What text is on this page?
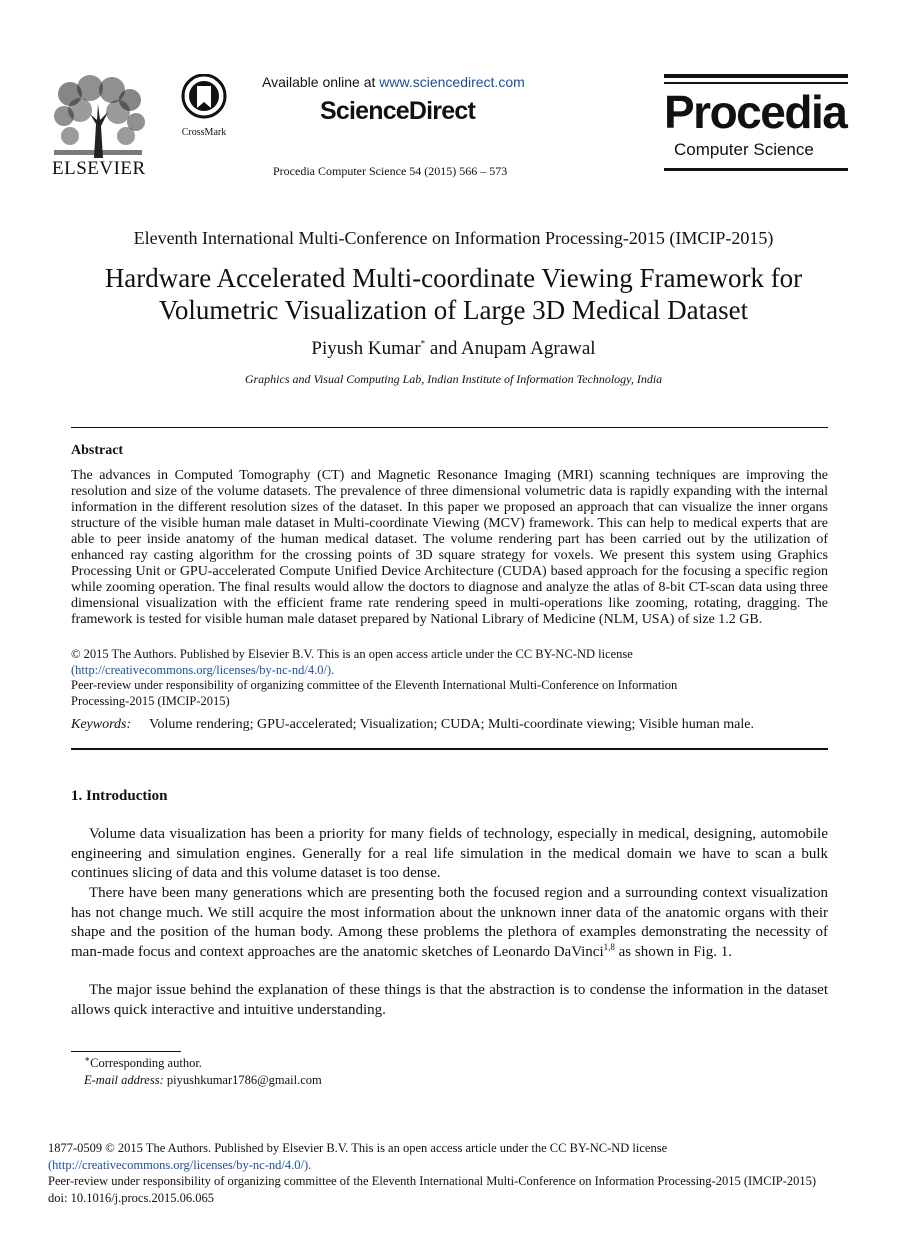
ELSEVIER
CrossMark
Available online at www.sciencedirect.com
ScienceDirect
Procedia Computer Science 54 (2015) 566 – 573
Procedia
Computer Science
Eleventh International Multi-Conference on Information Processing-2015 (IMCIP-2015)
Hardware Accelerated Multi-coordinate Viewing Framework for
Volumetric Visualization of Large 3D Medical Dataset
Piyush Kumar* and Anupam Agrawal
Graphics and Visual Computing Lab, Indian Institute of Information Technology, India
Abstract
The advances in Computed Tomography (CT) and Magnetic Resonance Imaging (MRI) scanning techniques are improving the resolution and size of the volume datasets. The prevalence of three dimensional volumetric data is rapidly expanding with the internal information in the different resolution sizes of the dataset. In this paper we proposed an approach that can visualize the inner organs structure of the visible human male dataset in Multi-coordinate Viewing (MCV) framework. This can help to medical experts that are able to peer inside anatomy of the human medical dataset. The volume rendering part has been carried out by the utilization of enhanced ray casting algorithm for the crossing points of 3D square strategy for voxels. We present this system using Graphics Processing Unit or GPU-accelerated Compute Unified Device Architecture (CUDA) based approach for the focusing a specific region while zooming operation. The final results would allow the doctors to diagnose and analyze the atlas of 8-bit CT-scan data using three dimensional visualization with the efficient frame rate rendering speed in multi-operations like zooming, rotating, dragging. The framework is tested for visible human male dataset prepared by National Library of Medicine (NLM, USA) of size 1.2 GB.
© 2015 The Authors. Published by Elsevier B.V. This is an open access article under the CC BY-NC-ND license
(http://creativecommons.org/licenses/by-nc-nd/4.0/).
Peer-review under responsibility of organizing committee of the Eleventh International Multi-Conference on Information
Processing-2015 (IMCIP-2015)
Keywords: Volume rendering; GPU-accelerated; Visualization; CUDA; Multi-coordinate viewing; Visible human male.
1. Introduction
Volume data visualization has been a priority for many fields of technology, especially in medical, designing, automobile engineering and simulation engines. Generally for a real life simulation in the medical domain we have to scan a bulk continues slicing of data and this volume dataset is too dense.
There have been many generations which are presenting both the focused region and a surrounding context visualization has not change much. We still acquire the most information about the unknown inner data of the anatomic organs with their shape and the position of the human body. Among these problems the plethora of examples demonstrating the necessity of man-made focus and context approaches are the anatomic sketches of Leonardo DaVinci$^{1,8}$ as shown in Fig. 1.
The major issue behind the explanation of these things is that the abstraction is to condense the information in the dataset allows quick interactive and intuitive understanding.
∗Corresponding author.
E-mail address: piyushkumar1786@gmail.com
1877-0509 © 2015 The Authors. Published by Elsevier B.V. This is an open access article under the CC BY-NC-ND license
(http://creativecommons.org/licenses/by-nc-nd/4.0/).
Peer-review under responsibility of organizing committee of the Eleventh International Multi-Conference on Information Processing-2015 (IMCIP-2015)
doi: 10.1016/j.procs.2015.06.065
